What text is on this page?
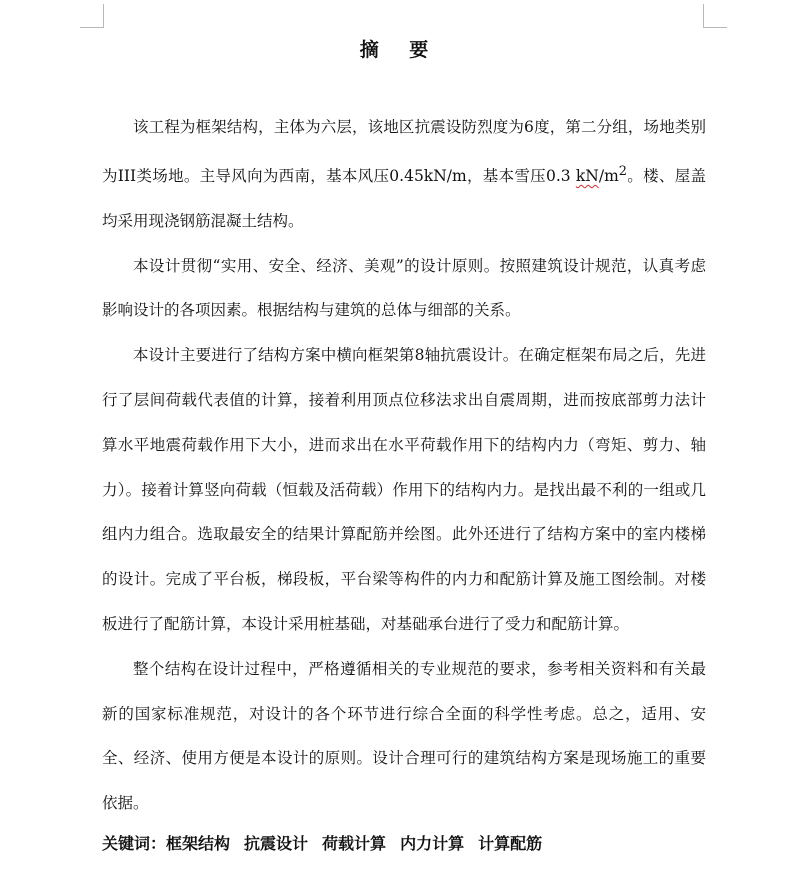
摘 要

该工程为框架结构，主体为六层，该地区抗震设防烈度为6度，第二分组，场地类别为III类场地。主导风向为西南，基本风压0.45kN/m，基本雪压0.3 $kN/m^2$。楼、屋盖均采用现浇钢筋混凝土结构。

本设计贯彻“实用、安全、经济、美观”的设计原则。按照建筑设计规范，认真考虑影响设计的各项因素。根据结构与建筑的总体与细部的关系。

本设计主要进行了结构方案中横向框架第8轴抗震设计。在确定框架布局之后，先进行了层间荷载代表值的计算，接着利用顶点位移法求出自震周期，进而按底部剪力法计算水平地震荷载作用下大小，进而求出在水平荷载作用下的结构内力（弯矩、剪力、轴力）。接着计算竖向荷载（恒载及活荷载）作用下的结构内力。是找出最不利的一组或几组内力组合。选取最安全的结果计算配筋并绘图。此外还进行了结构方案中的室内楼梯的设计。完成了平台板，梯段板，平台梁等构件的内力和配筋计算及施工图绘制。对楼板进行了配筋计算，本设计采用桩基础，对基础承台进行了受力和配筋计算。

整个结构在设计过程中，严格遵循相关的专业规范的要求，参考相关资料和有关最新的国家标准规范，对设计的各个环节进行综合全面的科学性考虑。总之，适用、安全、经济、使用方便是本设计的原则。设计合理可行的建筑结构方案是现场施工的重要依据。

关键词：框架结构 抗震设计 荷载计算 内力计算 计算配筋
